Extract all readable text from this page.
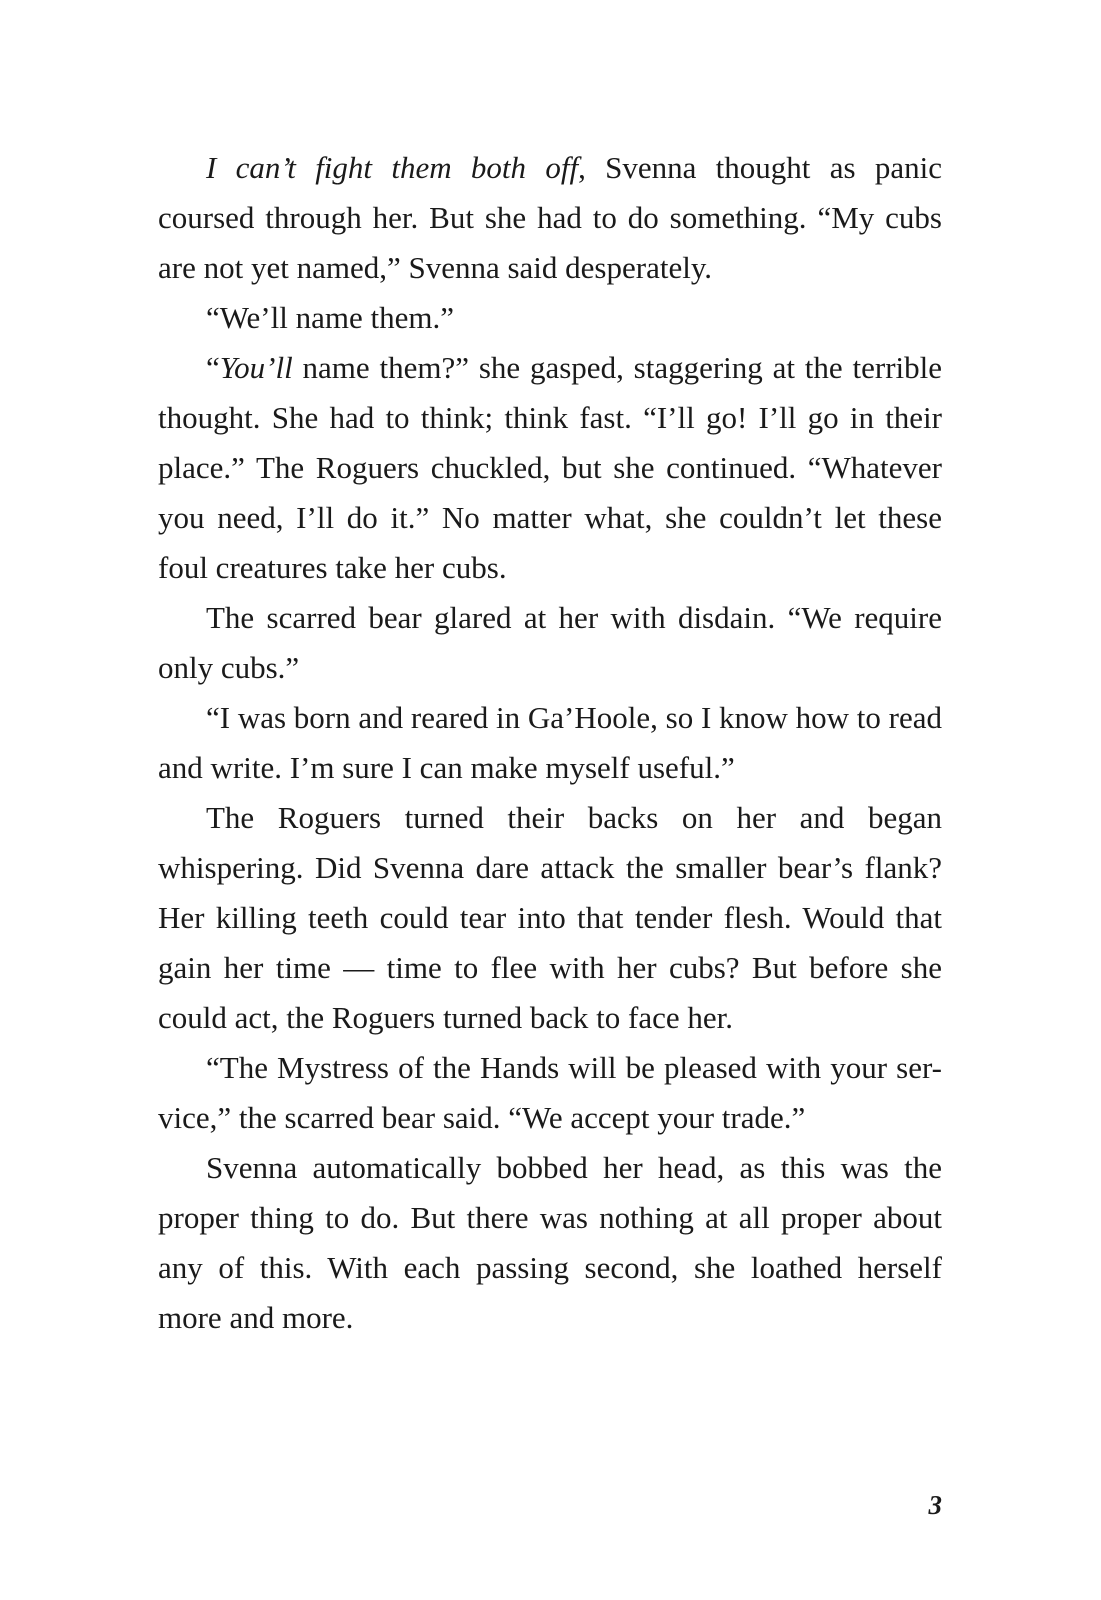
I can’t fight them both off, Svenna thought as panic coursed through her. But she had to do something. “My cubs are not yet named,” Svenna said desperately.

“We’ll name them.”

“You’ll name them?” she gasped, staggering at the terrible thought. She had to think; think fast. “I’ll go! I’ll go in their place.” The Roguers chuckled, but she continued. “Whatever you need, I’ll do it.” No matter what, she couldn’t let these foul creatures take her cubs.

The scarred bear glared at her with disdain. “We require only cubs.”

“I was born and reared in Ga’Hoole, so I know how to read and write. I’m sure I can make myself useful.”

The Roguers turned their backs on her and began whispering. Did Svenna dare attack the smaller bear’s flank? Her killing teeth could tear into that tender flesh. Would that gain her time — time to flee with her cubs? But before she could act, the Roguers turned back to face her.

“The Mystress of the Hands will be pleased with your ser-vice,” the scarred bear said. “We accept your trade.”

Svenna automatically bobbed her head, as this was the proper thing to do. But there was nothing at all proper about any of this. With each passing second, she loathed herself more and more.

3
